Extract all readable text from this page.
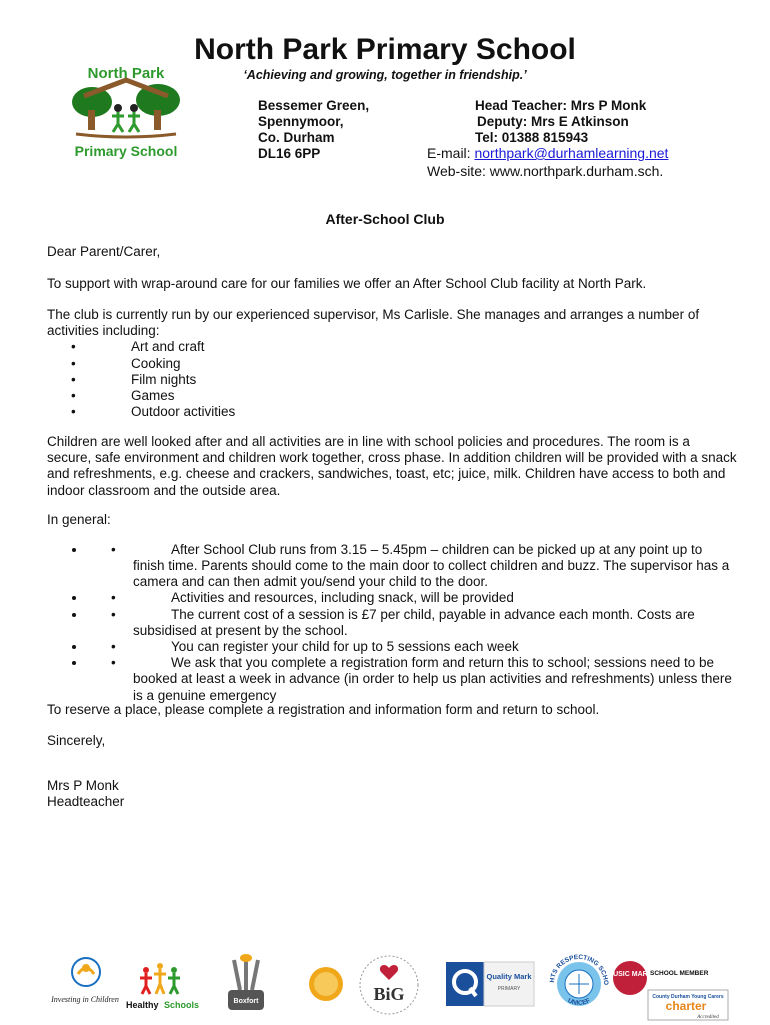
North Park Primary School
‘Achieving and growing, together in friendship.’
North Park
Primary School
Bessemer Green,
Spennymoor,
Co. Durham
DL16 6PP
Head Teacher: Mrs P Monk
Deputy: Mrs E Atkinson
Tel: 01388 815943
E-mail: northpark@durhamlearning.net
Web-site: www.northpark.durham.sch.
After-School Club

Dear Parent/Carer,

To support with wrap-around care for our families we offer an After School Club facility at North Park.

The club is currently run by our experienced supervisor, Ms Carlisle. She manages and arranges a number of activities including:

• Art and craft
• Cooking
• Film nights
• Games
• Outdoor activities

Children are well looked after and all activities are in line with school policies and procedures. The room is a secure, safe environment and children work together, cross phase. In addition children will be provided with a snack and refreshments, e.g. cheese and crackers, sandwiches, toast, etc; juice, milk. Children have access to both and indoor classroom and the outside area.

In general:

• • After School Club runs from 3.15 – 5.45pm – children can be picked up at any point up to finish time. Parents should come to the main door to collect children and buzz. The supervisor has a camera and can then admit you/send your child to the door.
• • Activities and resources, including snack, will be provided
• • The current cost of a session is £7 per child, payable in advance each month. Costs are subsidised at present by the school.
• • You can register your child for up to 5 sessions each week
• • We ask that you complete a registration form and return this to school; sessions need to be booked at least a week in advance (in order to help us plan activities and refreshments) unless there is a genuine emergency

To reserve a place, please complete a registration and information form and return to school.

Sincerely,

Mrs P Monk

Headteacher

Investing in Children
Healthy Schools	Boxfort	BiG
Quality Mark
PRIMARY
HTS RESPECTING SCHO
UNICEF
MUSIC MARK
SCHOOL MEMBER
County Durham Young Carers
charter
Accredited
